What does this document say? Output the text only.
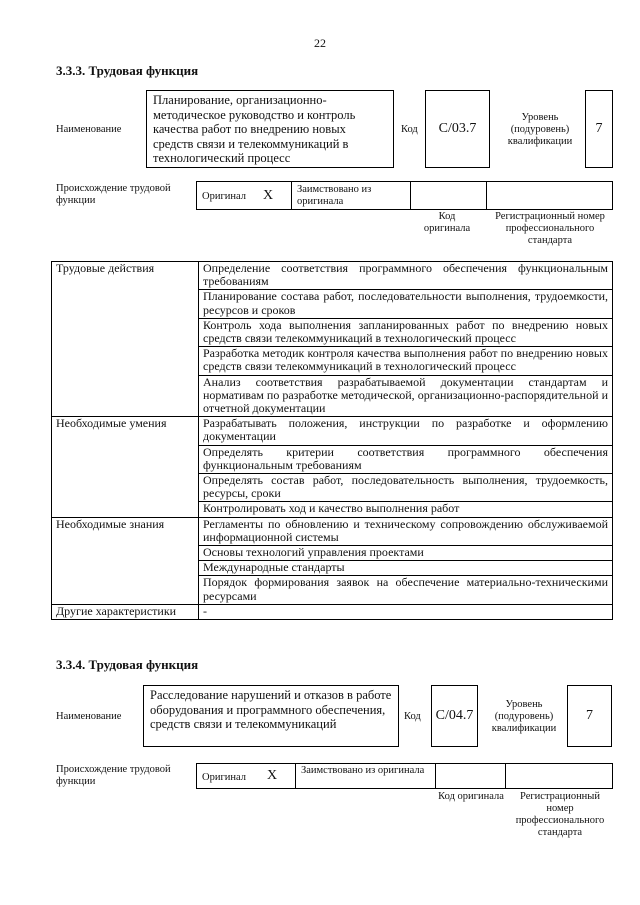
22
3.3.3. Трудовая функция
Наименование
Планирование, организационно-методическое руководство и контроль качества работ по внедрению новых средств связи и телекоммуникаций в технологический процесс
Код	C/03.7
Уровень (подуровень) квалификации
7
Происхождение трудовой функции	Оригинал X Заимствовано из оригинала
Код оригинала
Регистрационный номер профессионального стандарта
Трудовые действия	Определение соответствия программного обеспечения функциональным требованиям
	Планирование состава работ, последовательности выполнения, трудоемкости, ресурсов и сроков
	Контроль хода выполнения запланированных работ по внедрению новых средств связи телекоммуникаций в технологический процесс
	Разработка методик контроля качества выполнения работ по внедрению новых средств связи телекоммуникаций в технологический процесс
	Анализ соответствия разрабатываемой документации стандартам и нормативам по разработке методической, организационно-распорядительной и отчетной документации
Необходимые умения	Разрабатывать положения, инструкции по разработке и оформлению документации
	Определять критерии соответствия программного обеспечения функциональным требованиям
	Определять состав работ, последовательность выполнения, трудоемкость, ресурсы, сроки
	Контролировать ход и качество выполнения работ
Необходимые знания	Регламенты по обновлению и техническому сопровождению обслуживаемой информационной системы
	Основы технологий управления проектами
	Международные стандарты
	Порядок формирования заявок на обеспечение материально-техническими ресурсами
Другие характеристики	-
3.3.4. Трудовая функция
Наименование
Расследование нарушений и отказов в работе оборудования и программного обеспечения, средств связи и телекоммуникаций
Код	C/04.7
Уровень (подуровень) квалификации
7
Происхождение трудовой функции	Оригинал X Заимствовано из оригинала
Код оригинала	Регистрационный номер профессионального стандарта
